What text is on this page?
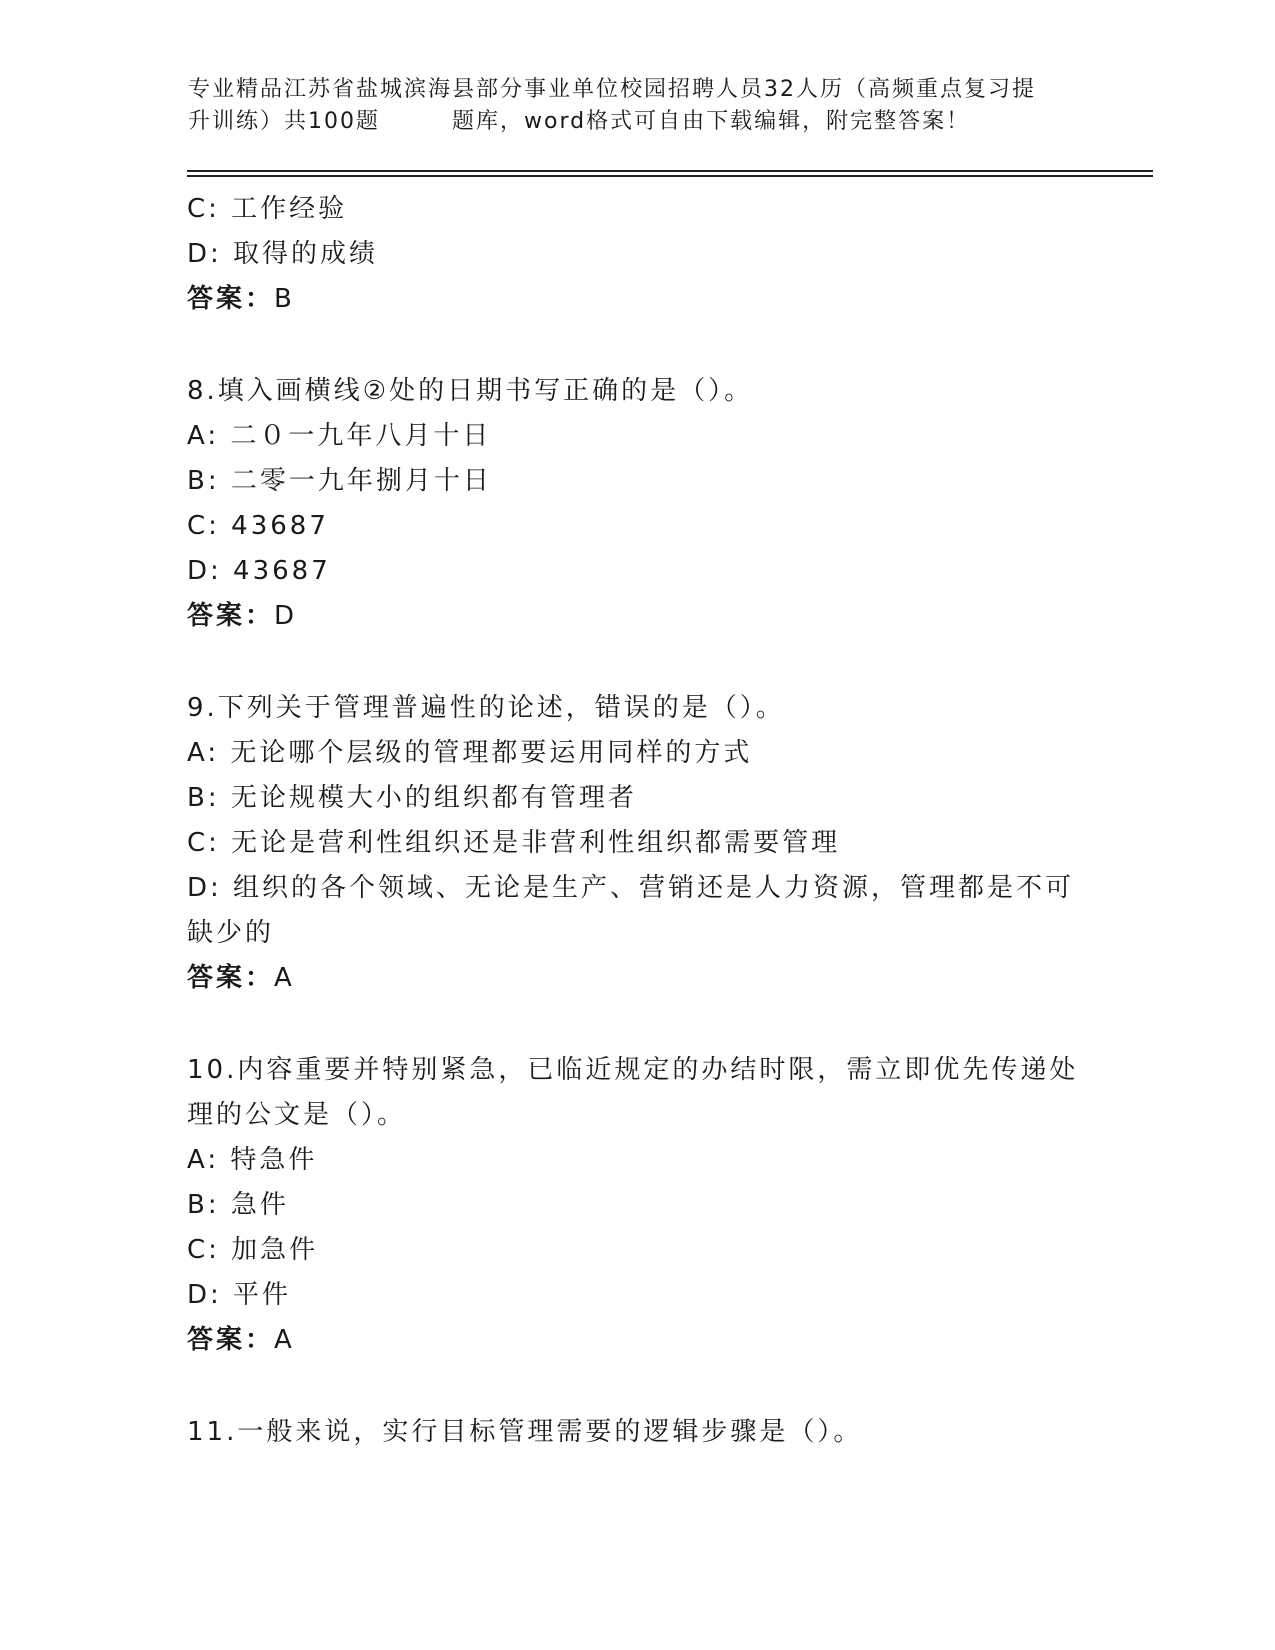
专业精品江苏省盐城滨海县部分事业单位校园招聘人员32人历（高频重点复习提
升训练）共100题	题库，word格式可自由下载编辑，附完整答案！
C: 工作经验
D: 取得的成绩
答案：B
8.填入画横线②处的日期书写正确的是（）。
A: 二０一九年八月十日
B: 二零一九年捌月十日
C: 43687
D: 43687
答案：D
9.下列关于管理普遍性的论述，错误的是（）。
A: 无论哪个层级的管理都要运用同样的方式
B: 无论规模大小的组织都有管理者
C: 无论是营利性组织还是非营利性组织都需要管理
D: 组织的各个领域、无论是生产、营销还是人力资源，管理都是不可
缺少的
答案：A
10.内容重要并特别紧急，已临近规定的办结时限，需立即优先传递处
理的公文是（）。
A: 特急件
B: 急件
C: 加急件
D: 平件
答案：A
11.一般来说，实行目标管理需要的逻辑步骤是（）。
